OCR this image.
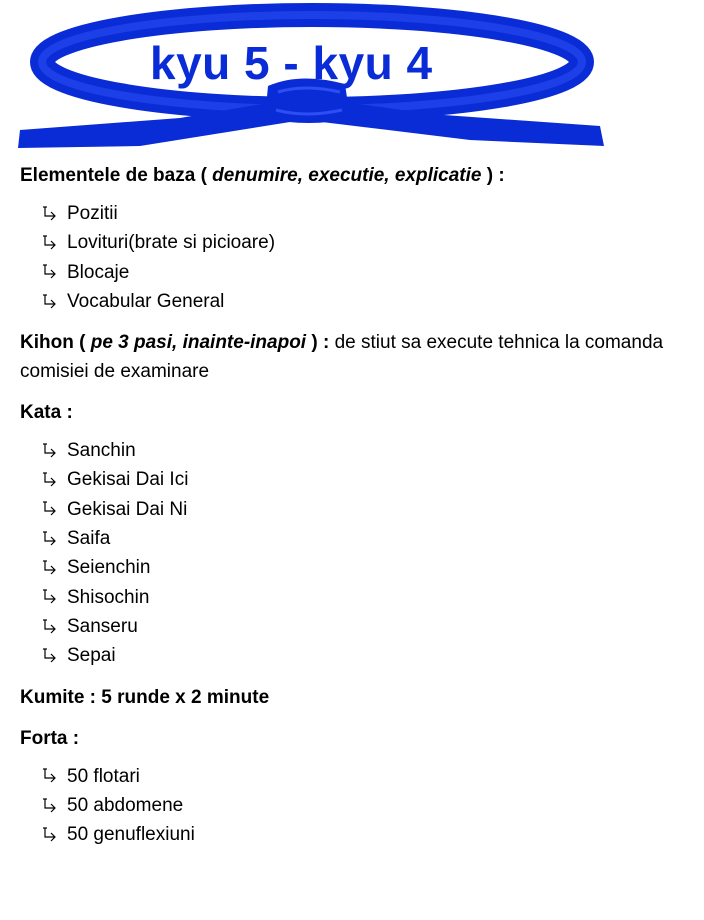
kyu 5 - kyu 4
Elementele de baza ( denumire, executie, explicatie ) :
Pozitii
Lovituri(brate si picioare)
Blocaje
Vocabular General
Kihon ( pe 3 pasi, inainte-inapoi ) : de stiut sa execute tehnica la comanda comisiei de examinare
Kata :
Sanchin
Gekisai Dai Ici
Gekisai Dai Ni
Saifa
Seienchin
Shisochin
Sanseru
Sepai
Kumite : 5 runde x 2 minute
Forta :
50 flotari
50 abdomene
50 genuflexiuni
